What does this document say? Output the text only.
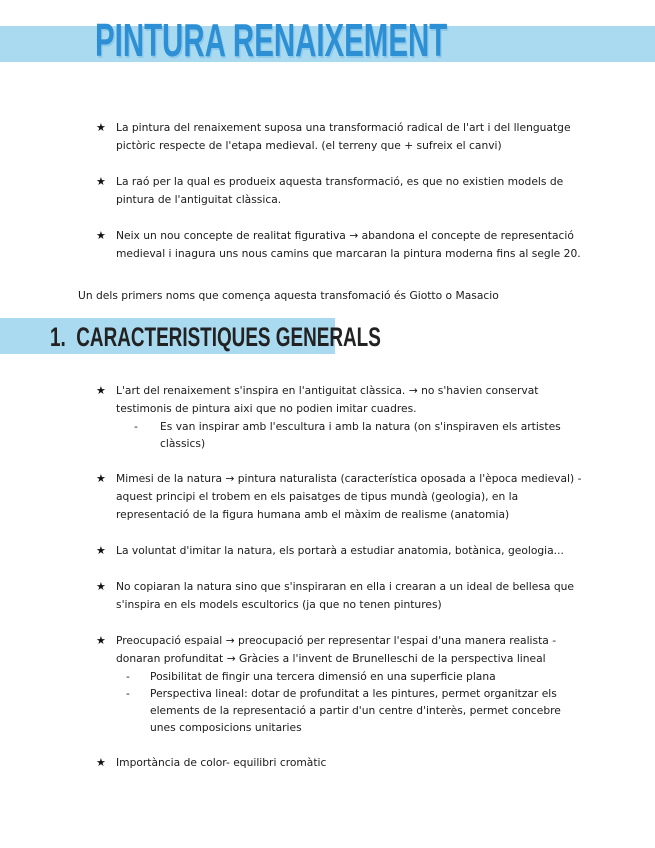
PINTURA RENAIXEMENT
★ La pintura del renaixement suposa una transformació radical de l'art i del llenguatge pictòric respecte de l'etapa medieval. (el terreny que + sufreix el canvi)
★ La raó per la qual es produeix aquesta transformació, es que no existien models de pintura de l'antiguitat clàssica.
★ Neix un nou concepte de realitat figurativa → abandona el concepte de representació medieval i inagura uns nous camins que marcaran la pintura moderna fins al segle 20.
Un dels primers noms que comença aquesta transfomació és Giotto o Masacio
1. CARACTERISTIQUES GENERALS
★ L'art del renaixement s'inspira en l'antiguitat clàssica. → no s'havien conservat testimonis de pintura aixi que no podien imitar cuadres.
- Es van inspirar amb l'escultura i amb la natura (on s'inspiraven els artistes clàssics)
★ Mimesi de la natura → pintura naturalista (característica oposada a l'època medieval) - aquest principi el trobem en els paisatges de tipus mundà (geologia), en la representació de la figura humana amb el màxim de realisme (anatomia)
★ La voluntat d'imitar la natura, els portarà a estudiar anatomia, botànica, geologia...
★ No copiaran la natura sino que s'inspiraran en ella i crearan a un ideal de bellesa que s'inspira en els models escultorics (ja que no tenen pintures)
★ Preocupació espaial → preocupació per representar l'espai d'una manera realista - donaran profunditat → Gràcies a l'invent de Brunelleschi de la perspectiva lineal
- Posibilitat de fingir una tercera dimensió en una superficie plana
- Perspectiva lineal: dotar de profunditat a les pintures, permet organitzar els elements de la representació a partir d'un centre d'interès, permet concebre unes composicions unitaries
★ Importància de color- equilibri cromàtic
